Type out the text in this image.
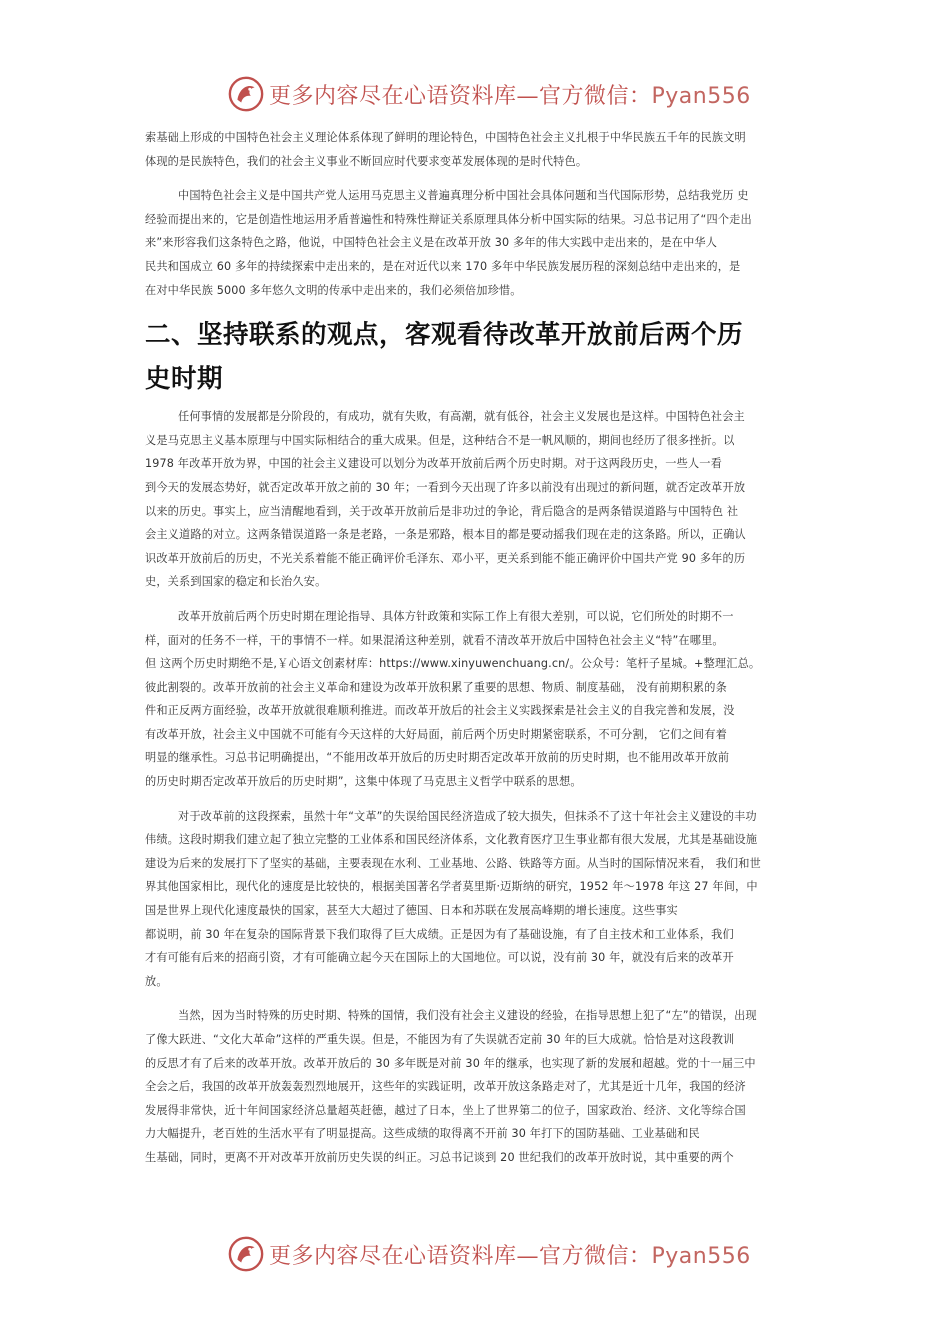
更多内容尽在心语资料库—官方微信：Pyan556
索基础上形成的中国特色社会主义理论体系体现了鲜明的理论特色，中国特色社会主义扎根于中华民族五千年的民族文明
体现的是民族特色，我们的社会主义事业不断回应时代要求变革发展体现的是时代特色。
中国特色社会主义是中国共产党人运用马克思主义普遍真理分析中国社会具体问题和当代国际形势，总结我党历 史
经验而提出来的，它是创造性地运用矛盾普遍性和特殊性辩证关系原理具体分析中国实际的结果。习总书记用了“四个走出
来”来形容我们这条特色之路，他说，中国特色社会主义是在改革开放 30 多年的伟大实践中走出来的，是在中华人
民共和国成立 60 多年的持续探索中走出来的，是在对近代以来 170 多年中华民族发展历程的深刻总结中走出来的，是
在对中华民族 5000 多年悠久文明的传承中走出来的，我们必须倍加珍惜。
二、坚持联系的观点，客观看待改革开放前后两个历
史时期
任何事情的发展都是分阶段的，有成功，就有失败，有高潮，就有低谷，社会主义发展也是这样。中国特色社会主
义是马克思主义基本原理与中国实际相结合的重大成果。但是，这种结合不是一帆风顺的，期间也经历了很多挫折。以
1978 年改革开放为界，中国的社会主义建设可以划分为改革开放前后两个历史时期。对于这两段历史，一些人一看
到今天的发展态势好，就否定改革开放之前的 30 年；一看到今天出现了许多以前没有出现过的新问题，就否定改革开放
以来的历史。事实上，应当清醒地看到，关于改革开放前后是非功过的争论，背后隐含的是两条错误道路与中国特色 社
会主义道路的对立。这两条错误道路一条是老路，一条是邪路，根本目的都是要动摇我们现在走的这条路。所以，正确认
识改革开放前后的历史，不光关系着能不能正确评价毛泽东、邓小平，更关系到能不能正确评价中国共产党 90 多年的历
史，关系到国家的稳定和长治久安。
改革开放前后两个历史时期在理论指导、具体方针政策和实际工作上有很大差别，可以说，它们所处的时期不一
样，面对的任务不一样，干的事情不一样。如果混淆这种差别，就看不清改革开放后中国特色社会主义“特”在哪里。
但 这两个历史时期绝不是,￥心语文创素材库：https://www.xinyuwenchuang.cn/。公众号：笔杆子星城。+整理汇总。
彼此割裂的。改革开放前的社会主义革命和建设为改革开放积累了重要的思想、物质、制度基础， 没有前期积累的条
件和正反两方面经验，改革开放就很难顺利推进。而改革开放后的社会主义实践探索是社会主义的自我完善和发展，没
有改革开放，社会主义中国就不可能有今天这样的大好局面，前后两个历史时期紧密联系，不可分割， 它们之间有着
明显的继承性。习总书记明确提出，“不能用改革开放后的历史时期否定改革开放前的历史时期，也不能用改革开放前
的历史时期否定改革开放后的历史时期”，这集中体现了马克思主义哲学中联系的思想。
对于改革前的这段探索，虽然十年“文革”的失误给国民经济造成了较大损失，但抹杀不了这十年社会主义建设的丰功
伟绩。这段时期我们建立起了独立完整的工业体系和国民经济体系，文化教育医疗卫生事业都有很大发展，尤其是基础设施
建设为后来的发展打下了坚实的基础，主要表现在水利、工业基地、公路、铁路等方面。从当时的国际情况来看， 我们和世
界其他国家相比，现代化的速度是比较快的，根据美国著名学者莫里斯·迈斯纳的研究，1952 年～1978 年这 27 年间，中
国是世界上现代化速度最快的国家，甚至大大超过了德国、日本和苏联在发展高峰期的增长速度。这些事实
都说明，前 30 年在复杂的国际背景下我们取得了巨大成绩。正是因为有了基础设施，有了自主技术和工业体系，我们
才有可能有后来的招商引资，才有可能确立起今天在国际上的大国地位。可以说，没有前 30 年，就没有后来的改革开
放。
当然，因为当时特殊的历史时期、特殊的国情，我们没有社会主义建设的经验，在指导思想上犯了“左”的错误，出现
了像大跃进、“文化大革命”这样的严重失误。但是，不能因为有了失误就否定前 30 年的巨大成就。恰恰是对这段教训
的反思才有了后来的改革开放。改革开放后的 30 多年既是对前 30 年的继承，也实现了新的发展和超越。党的十一届三中
全会之后，我国的改革开放轰轰烈烈地展开，这些年的实践证明，改革开放这条路走对了，尤其是近十几年，我国的经济
发展得非常快，近十年间国家经济总量超英赶德，越过了日本，坐上了世界第二的位子，国家政治、经济、文化等综合国
力大幅提升，老百姓的生活水平有了明显提高。这些成绩的取得离不开前 30 年打下的国防基础、工业基础和民
生基础，同时，更离不开对改革开放前历史失误的纠正。习总书记谈到 20 世纪我们的改革开放时说，其中重要的两个
更多内容尽在心语资料库—官方微信：Pyan556
